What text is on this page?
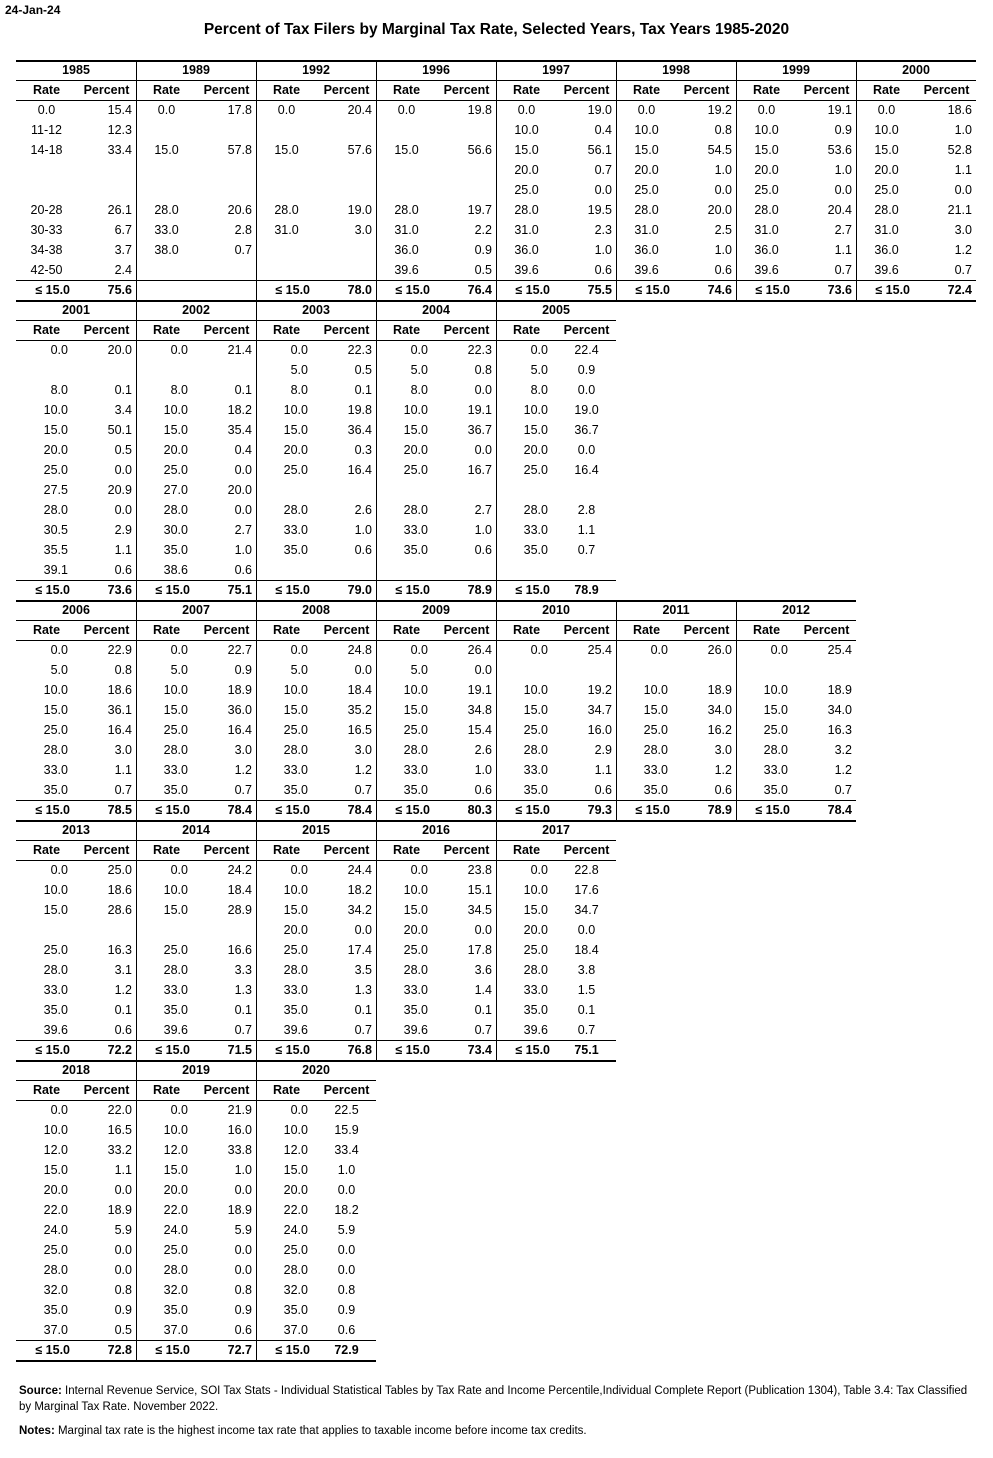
24-Jan-24
Percent of Tax Filers by Marginal Tax Rate, Selected Years, Tax Years 1985-2020
1985
Rate	Percent
0.0	15.4
11-12	12.3
14-18	33.4
20-28	26.1
30-33	6.7
34-38	3.7
42-50	2.4
≤ 15.0	75.6
1989
Rate	Percent
0.0	17.8
15.0	57.8
28.0	20.6
33.0	2.8
38.0	0.7
1992
Rate	Percent
0.0	20.4
15.0	57.6
28.0	19.0
31.0	3.0
≤ 15.0	78.0
1996
Rate	Percent
0.0	19.8
15.0	56.6
28.0	19.7
31.0	2.2
36.0	0.9
39.6	0.5
≤ 15.0	76.4
1997
Rate	Percent
0.0	19.0
10.0	0.4
15.0	56.1
20.0	0.7
25.0	0.0
28.0	19.5
31.0	2.3
36.0	1.0
39.6	0.6
≤ 15.0	75.5
1998
Rate	Percent
0.0	19.2
10.0	0.8
15.0	54.5
20.0	1.0
25.0	0.0
28.0	20.0
31.0	2.5
36.0	1.0
39.6	0.6
≤ 15.0	74.6
1999
Rate	Percent
0.0	19.1
10.0	0.9
15.0	53.6
20.0	1.0
25.0	0.0
28.0	20.4
31.0	2.7
36.0	1.1
39.6	0.7
≤ 15.0	73.6
2000
Rate	Percent
0.0	18.6
10.0	1.0
15.0	52.8
20.0	1.1
25.0	0.0
28.0	21.1
31.0	3.0
36.0	1.2
39.6	0.7
≤ 15.0	72.4
2001
Rate	Percent
0.0	20.0
8.0	0.1
10.0	3.4
15.0	50.1
20.0	0.5
25.0	0.0
27.5	20.9
28.0	0.0
30.5	2.9
35.5	1.1
39.1	0.6
≤ 15.0	73.6
2002
Rate	Percent
0.0	21.4
8.0	0.1
10.0	18.2
15.0	35.4
20.0	0.4
25.0	0.0
27.0	20.0
28.0	0.0
30.0	2.7
35.0	1.0
38.6	0.6
≤ 15.0	75.1
2003
Rate	Percent
0.0	22.3
5.0	0.5
8.0	0.1
10.0	19.8
15.0	36.4
20.0	0.3
25.0	16.4
28.0	2.6
33.0	1.0
35.0	0.6
≤ 15.0	79.0
2004
Rate	Percent
0.0	22.3
5.0	0.8
8.0	0.0
10.0	19.1
15.0	36.7
20.0	0.0
25.0	16.7
28.0	2.7
33.0	1.0
35.0	0.6
≤ 15.0	78.9
2005
Rate	Percent
0.0	22.4
5.0	0.9
8.0	0.0
10.0	19.0
15.0	36.7
20.0	0.0
25.0	16.4
28.0	2.8
33.0	1.1
35.0	0.7
≤ 15.0	78.9
2006
Rate	Percent
0.0	22.9
5.0	0.8
10.0	18.6
15.0	36.1
25.0	16.4
28.0	3.0
33.0	1.1
35.0	0.7
≤ 15.0	78.5
2007
Rate	Percent
0.0	22.7
5.0	0.9
10.0	18.9
15.0	36.0
25.0	16.4
28.0	3.0
33.0	1.2
35.0	0.7
≤ 15.0	78.4
2008
Rate	Percent
0.0	24.8
5.0	0.0
10.0	18.4
15.0	35.2
25.0	16.5
28.0	3.0
33.0	1.2
35.0	0.7
≤ 15.0	78.4
2009
Rate	Percent
0.0	26.4
5.0	0.0
10.0	19.1
15.0	34.8
25.0	15.4
28.0	2.6
33.0	1.0
35.0	0.6
≤ 15.0	80.3
2010
Rate	Percent
0.0	25.4
10.0	19.2
15.0	34.7
25.0	16.0
28.0	2.9
33.0	1.1
35.0	0.6
≤ 15.0	79.3
2011
Rate	Percent
0.0	26.0
10.0	18.9
15.0	34.0
25.0	16.2
28.0	3.0
33.0	1.2
35.0	0.6
≤ 15.0	78.9
2012
Rate	Percent
0.0	25.4
10.0	18.9
15.0	34.0
25.0	16.3
28.0	3.2
33.0	1.2
35.0	0.7
≤ 15.0	78.4
2013
Rate	Percent
0.0	25.0
10.0	18.6
15.0	28.6
25.0	16.3
28.0	3.1
33.0	1.2
35.0	0.1
39.6	0.6
≤ 15.0	72.2
2014
Rate	Percent
0.0	24.2
10.0	18.4
15.0	28.9
25.0	16.6
28.0	3.3
33.0	1.3
35.0	0.1
39.6	0.7
≤ 15.0	71.5
2015
Rate	Percent
0.0	24.4
10.0	18.2
15.0	34.2
20.0	0.0
25.0	17.4
28.0	3.5
33.0	1.3
35.0	0.1
39.6	0.7
≤ 15.0	76.8
2016
Rate	Percent
0.0	23.8
10.0	15.1
15.0	34.5
20.0	0.0
25.0	17.8
28.0	3.6
33.0	1.4
35.0	0.1
39.6	0.7
≤ 15.0	73.4
2017
Rate	Percent
0.0	22.8
10.0	17.6
15.0	34.7
20.0	0.0
25.0	18.4
28.0	3.8
33.0	1.5
35.0	0.1
39.6	0.7
≤ 15.0	75.1
2018
Rate	Percent
0.0	22.0
10.0	16.5
12.0	33.2
15.0	1.1
20.0	0.0
22.0	18.9
24.0	5.9
25.0	0.0
28.0	0.0
32.0	0.8
35.0	0.9
37.0	0.5
≤ 15.0	72.8
2019
Rate	Percent
0.0	21.9
10.0	16.0
12.0	33.8
15.0	1.0
20.0	0.0
22.0	18.9
24.0	5.9
25.0	0.0
28.0	0.0
32.0	0.8
35.0	0.9
37.0	0.6
≤ 15.0	72.7
2020
Rate	Percent
0.0	22.5
10.0	15.9
12.0	33.4
15.0	1.0
20.0	0.0
22.0	18.2
24.0	5.9
25.0	0.0
28.0	0.0
32.0	0.8
35.0	0.9
37.0	0.6
≤ 15.0	72.9

Source: Internal Revenue Service, SOI Tax Stats - Individual Statistical Tables by Tax Rate and Income Percentile,Individual Complete Report (Publication 1304), Table 3.4: Tax Classified by Marginal Tax Rate. November 2022.

Notes: Marginal tax rate is the highest income tax rate that applies to taxable income before income tax credits.
